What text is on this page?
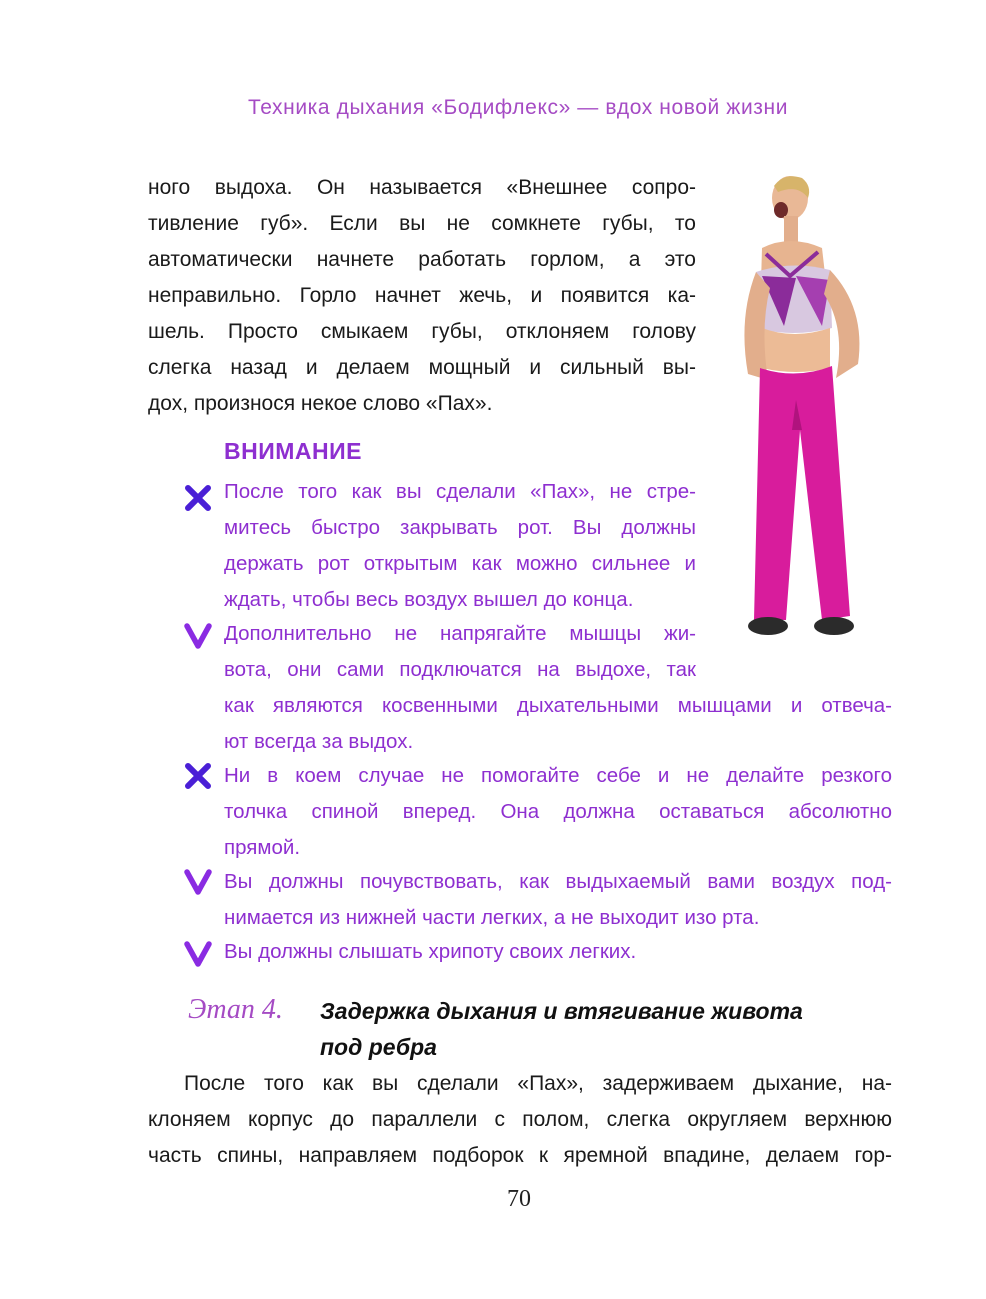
Техника дыхания «Бодифлекс» — вдох новой жизни
ного выдоха. Он называется «Внешнее сопро-
тивление губ». Если вы не сомкнете губы, то
автоматически начнете работать горлом, а это
неправильно. Горло начнет жечь, и появится ка-
шель. Просто смыкаем губы, отклоняем голову
слегка назад и делаем мощный и сильный вы-
дох, произнося некое слово «Пах».
ВНИМАНИЕ
После того как вы сделали «Пах», не стре-
митесь быстро закрывать рот. Вы должны
держать рот открытым как можно сильнее и
ждать, чтобы весь воздух вышел до конца.
Дополнительно не напрягайте мышцы жи-
вота, они сами подключатся на выдохе, так
как являются косвенными дыхательными мышцами и отвеча-
ют всегда за выдох.
Ни в коем случае не помогайте себе и не делайте резкого
толчка спиной вперед. Она должна оставаться абсолютно
прямой.
Вы должны почувствовать, как выдыхаемый вами воздух под-
нимается из нижней части легких, а не выходит изо рта.
Вы должны слышать хрипоту своих легких.
Этап 4. Задержка дыхания и втягивание живота
под ребра
После того как вы сделали «Пах», задерживаем дыхание, на-
клоняем корпус до параллели с полом, слегка округляем верхнюю
часть спины, направляем подборок к яремной впадине, делаем гор-
70
